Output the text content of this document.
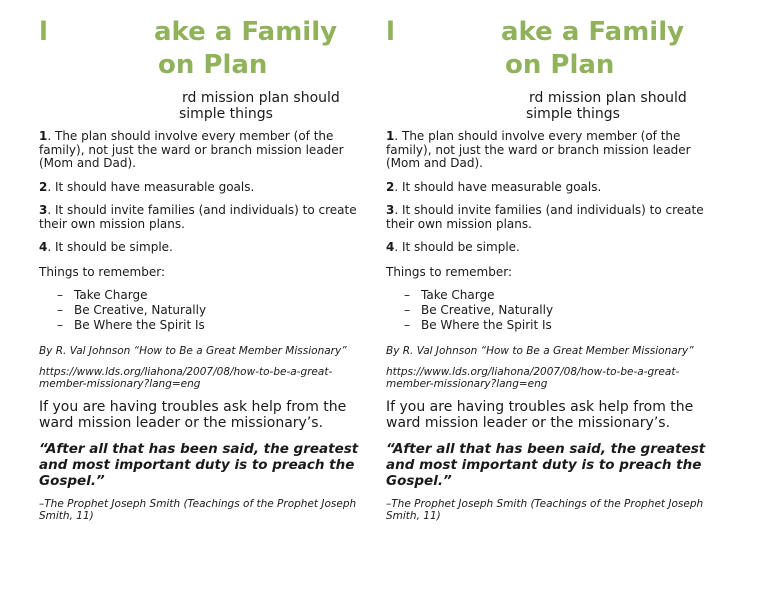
l	ake a Family
on Plan
rd mission plan should
simple things

1. The plan should involve every member (of the family), not just the ward or branch mission leader (Mom and Dad).

2. It should have measurable goals.

3. It should invite families (and individuals) to create their own mission plans.

4. It should be simple.

Things to remember:

– Take Charge
– Be Creative, Naturally
– Be Where the Spirit Is

By R. Val Johnson “How to Be a Great Member Missionary”

https://www.lds.org/liahona/2007/08/how-to-be-a-great-member-missionary?lang=eng

If you are having troubles ask help from the ward mission leader or the missionary’s.

“After all that has been said, the greatest and most important duty is to preach the Gospel.”

–The Prophet Joseph Smith (Teachings of the Prophet Joseph Smith, 11)

l	ake a Family
on Plan
rd mission plan should
simple things

1. The plan should involve every member (of the family), not just the ward or branch mission leader (Mom and Dad).

2. It should have measurable goals.

3. It should invite families (and individuals) to create their own mission plans.

4. It should be simple.

Things to remember:

– Take Charge
– Be Creative, Naturally
– Be Where the Spirit Is

By R. Val Johnson “How to Be a Great Member Missionary”

https://www.lds.org/liahona/2007/08/how-to-be-a-great-member-missionary?lang=eng

If you are having troubles ask help from the ward mission leader or the missionary’s.

“After all that has been said, the greatest and most important duty is to preach the Gospel.”

–The Prophet Joseph Smith (Teachings of the Prophet Joseph Smith, 11)
